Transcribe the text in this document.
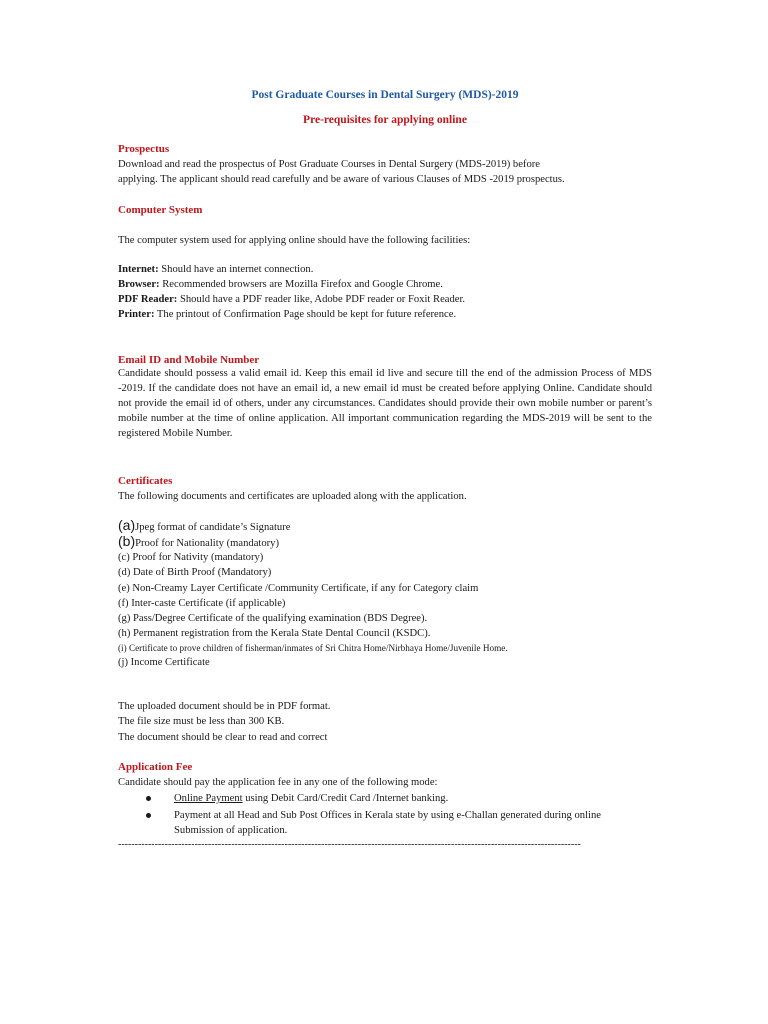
Post Graduate Courses in Dental Surgery (MDS)-2019
Pre-requisites for applying online
Prospectus
Download and read the prospectus of Post Graduate Courses in Dental Surgery (MDS-2019) before
applying. The applicant should read carefully and be aware of various Clauses of MDS -2019 prospectus.
Computer System
The computer system used for applying online should have the following facilities:
Internet: Should have an internet connection.
Browser: Recommended browsers are Mozilla Firefox and Google Chrome.
PDF Reader: Should have a PDF reader like, Adobe PDF reader or Foxit Reader.
Printer: The printout of Confirmation Page should be kept for future reference.
Email ID and Mobile Number

Candidate should possess a valid email id. Keep this email id live and secure till the end of the admission Process of MDS -2019. If the candidate does not have an email id, a new email id must be created before applying Online. Candidate should not provide the email id of others, under any circumstances. Candidates should provide their own mobile number or parent’s mobile number at the time of online application. All important communication regarding the MDS-2019 will be sent to the registered Mobile Number.

Certificates
The following documents and certificates are uploaded along with the application.
(a)Jpeg format of candidate’s Signature
(b)Proof for Nationality (mandatory)
(c) Proof for Nativity (mandatory)
(d) Date of Birth Proof (Mandatory)
(e) Non-Creamy Layer Certificate /Community Certificate, if any for Category claim
(f) Inter-caste Certificate (if applicable)
(g) Pass/Degree Certificate of the qualifying examination (BDS Degree).
(h) Permanent registration from the Kerala State Dental Council (KSDC).
(i) Certificate to prove children of fisherman/inmates of Sri Chitra Home/Nirbhaya Home/Juvenile Home.
(j) Income Certificate
The uploaded document should be in PDF format.
The file size must be less than 300 KB.
The document should be clear to read and correct
Application Fee
Candidate should pay the application fee in any one of the following mode:
Online Payment using Debit Card/Credit Card /Internet banking.
Payment at all Head and Sub Post Offices in Kerala state by using e-Challan generated during online Submission of application.
-------------------------------------------------------------------------------------------------------------------------------------------
